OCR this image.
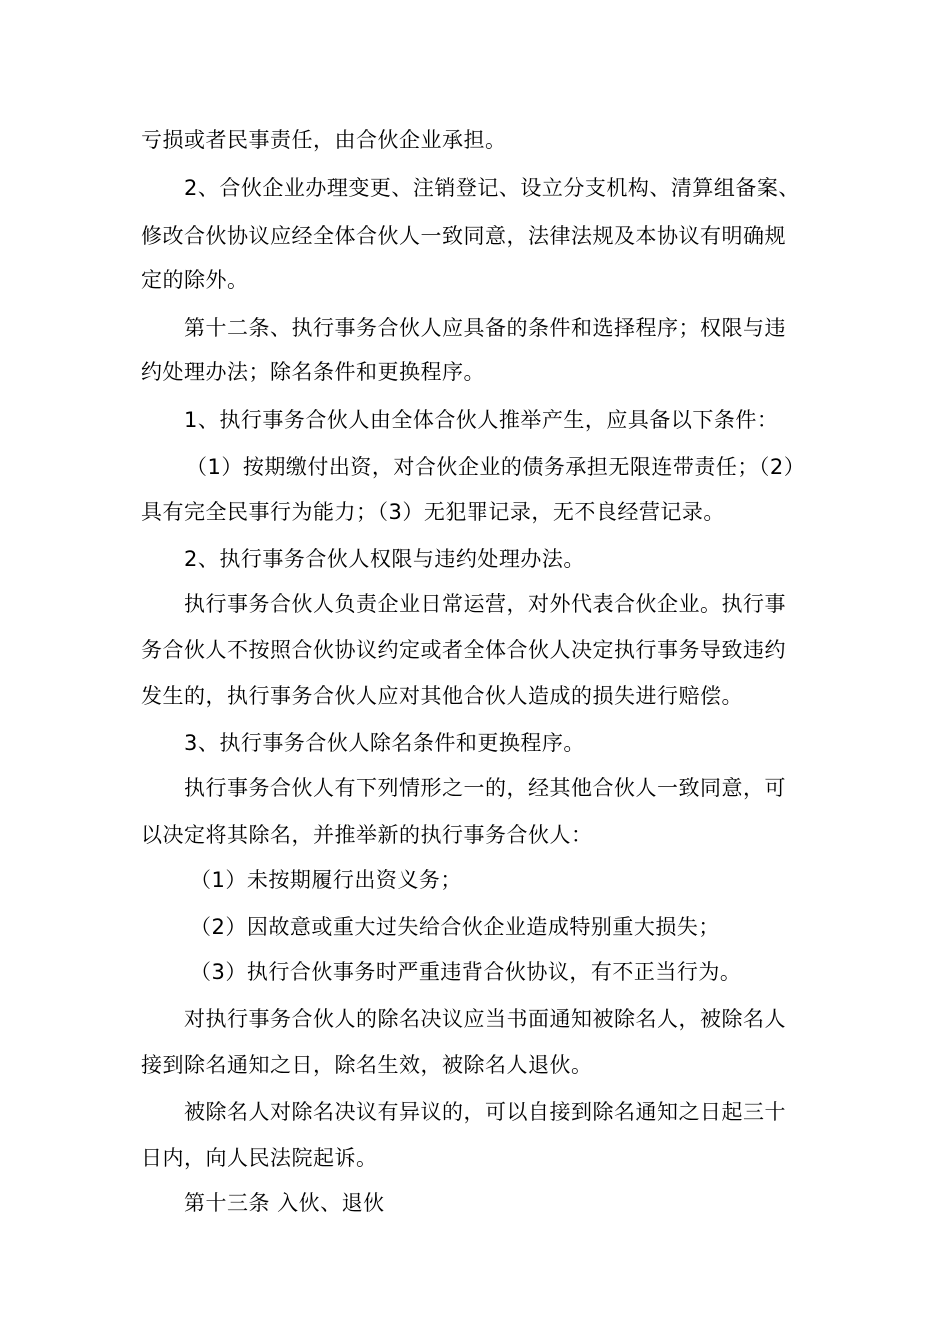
亏损或者民事责任，由合伙企业承担。
2、合伙企业办理变更、注销登记、设立分支机构、清算组备案、
修改合伙协议应经全体合伙人一致同意，法律法规及本协议有明确规
定的除外。
第十二条、执行事务合伙人应具备的条件和选择程序；权限与违
约处理办法；除名条件和更换程序。
1、执行事务合伙人由全体合伙人推举产生，应具备以下条件：
（1）按期缴付出资，对合伙企业的债务承担无限连带责任；（2）
具有完全民事行为能力；（3）无犯罪记录，无不良经营记录。
2、执行事务合伙人权限与违约处理办法。
执行事务合伙人负责企业日常运营，对外代表合伙企业。执行事
务合伙人不按照合伙协议约定或者全体合伙人决定执行事务导致违约
发生的，执行事务合伙人应对其他合伙人造成的损失进行赔偿。
3、执行事务合伙人除名条件和更换程序。
执行事务合伙人有下列情形之一的，经其他合伙人一致同意，可
以决定将其除名，并推举新的执行事务合伙人：
（1）未按期履行出资义务；
（2）因故意或重大过失给合伙企业造成特别重大损失；
（3）执行合伙事务时严重违背合伙协议，有不正当行为。
对执行事务合伙人的除名决议应当书面通知被除名人，被除名人
接到除名通知之日，除名生效，被除名人退伙。
被除名人对除名决议有异议的，可以自接到除名通知之日起三十
日内，向人民法院起诉。
第十三条 入伙、退伙
